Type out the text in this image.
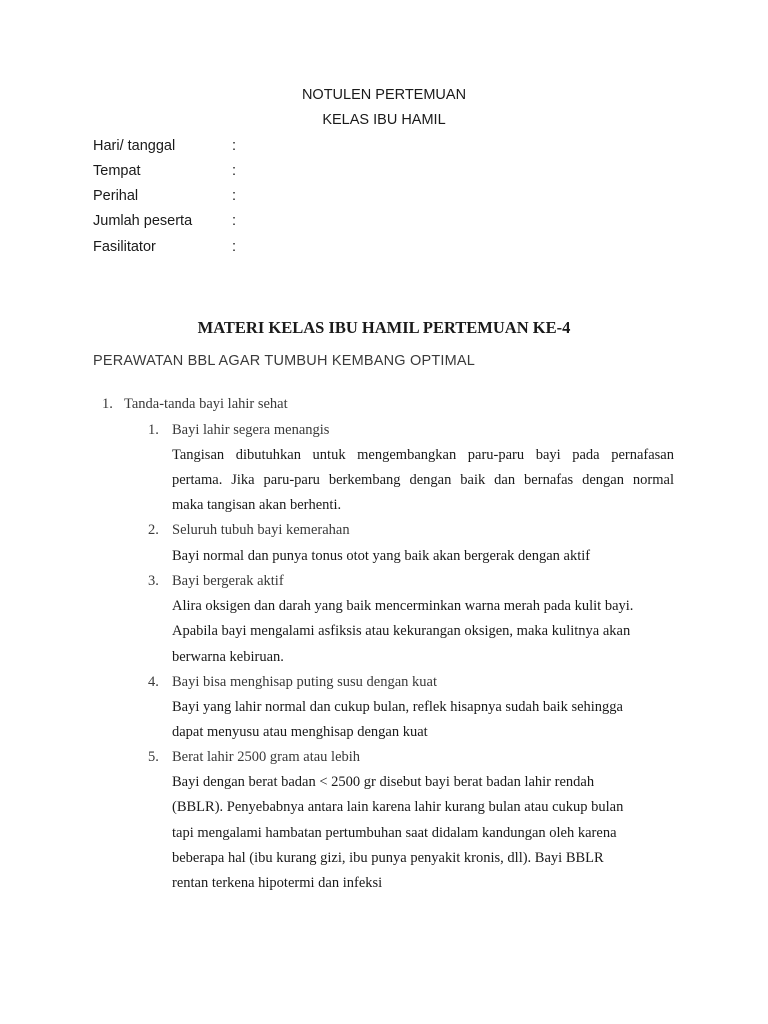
NOTULEN PERTEMUAN
KELAS IBU HAMIL
Hari/ tanggal	:
Tempat	:
Perihal	:
Jumlah peserta	:
Fasilitator	:
MATERI KELAS IBU HAMIL PERTEMUAN KE-4
PERAWATAN BBL AGAR TUMBUH KEMBANG OPTIMAL
1. Tanda-tanda bayi lahir sehat
1. Bayi lahir segera menangis
Tangisan dibutuhkan untuk mengembangkan paru-paru bayi pada pernafasan
pertama. Jika paru-paru berkembang dengan baik dan bernafas dengan normal
maka tangisan akan berhenti.
2. Seluruh tubuh bayi kemerahan
Bayi normal dan punya tonus otot yang baik akan bergerak dengan aktif
3. Bayi bergerak aktif
Alira oksigen dan darah yang baik mencerminkan warna merah pada kulit bayi.
Apabila bayi mengalami asfiksis atau kekurangan oksigen, maka kulitnya akan
berwarna kebiruan.
4. Bayi bisa menghisap puting susu dengan kuat
Bayi yang lahir normal dan cukup bulan, reflek hisapnya sudah baik sehingga
dapat menyusu atau menghisap dengan kuat
5. Berat lahir 2500 gram atau lebih
Bayi dengan berat badan < 2500 gr disebut bayi berat badan lahir rendah
(BBLR). Penyebabnya antara lain karena lahir kurang bulan atau cukup bulan
tapi mengalami hambatan pertumbuhan saat didalam kandungan oleh karena
beberapa hal (ibu kurang gizi, ibu punya penyakit kronis, dll). Bayi BBLR
rentan terkena hipotermi dan infeksi
